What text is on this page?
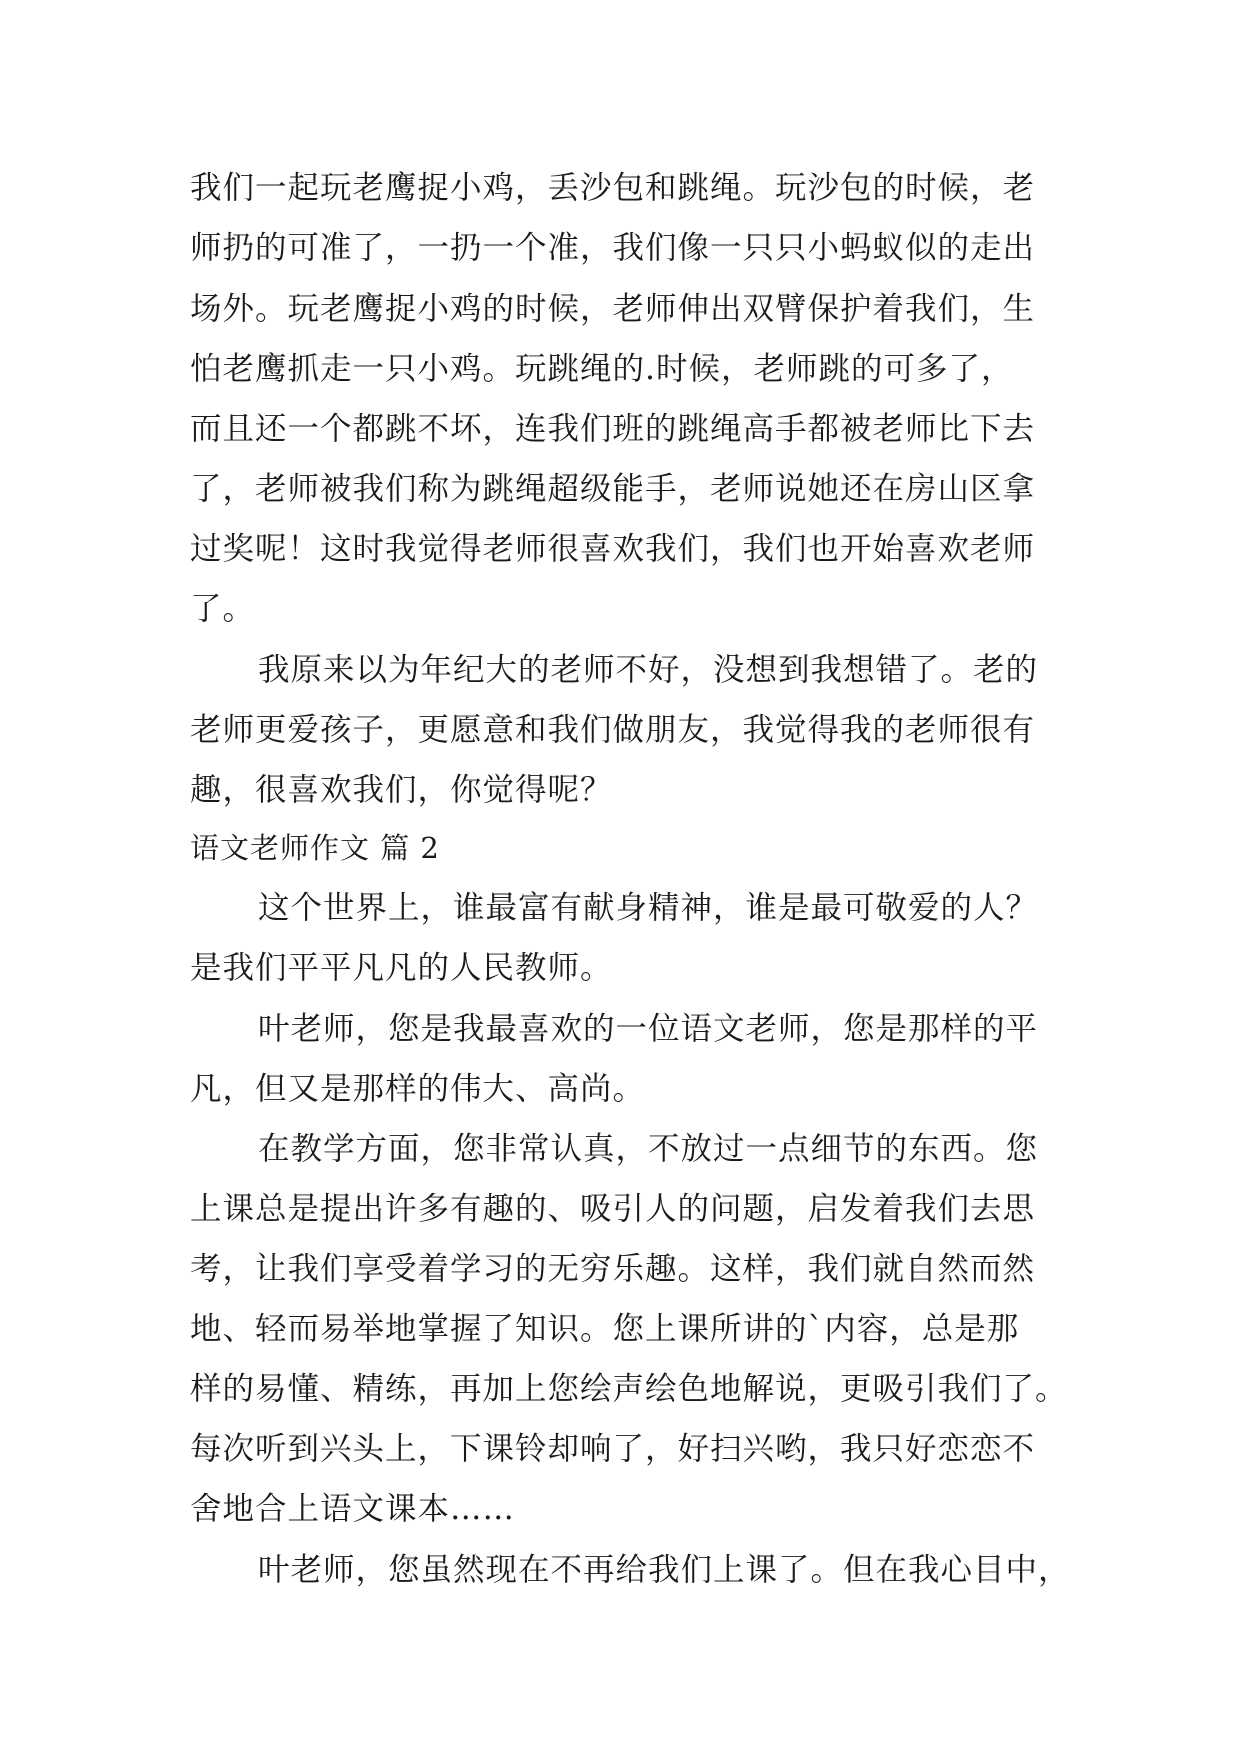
我们一起玩老鹰捉小鸡，丢沙包和跳绳。玩沙包的时候，老
师扔的可准了，一扔一个准，我们像一只只小蚂蚁似的走出
场外。玩老鹰捉小鸡的时候，老师伸出双臂保护着我们，生
怕老鹰抓走一只小鸡。玩跳绳的.时候，老师跳的可多了，
而且还一个都跳不坏，连我们班的跳绳高手都被老师比下去
了，老师被我们称为跳绳超级能手，老师说她还在房山区拿
过奖呢！这时我觉得老师很喜欢我们，我们也开始喜欢老师
了。
我原来以为年纪大的老师不好，没想到我想错了。老的
老师更爱孩子，更愿意和我们做朋友，我觉得我的老师很有
趣，很喜欢我们，你觉得呢？
语文老师作文 篇 2
这个世界上，谁最富有献身精神，谁是最可敬爱的人？
是我们平平凡凡的人民教师。
叶老师，您是我最喜欢的一位语文老师，您是那样的平
凡，但又是那样的伟大、高尚。
在教学方面，您非常认真，不放过一点细节的东西。您
上课总是提出许多有趣的、吸引人的问题，启发着我们去思
考，让我们享受着学习的无穷乐趣。这样，我们就自然而然
地、轻而易举地掌握了知识。您上课所讲的`内容，总是那
样的易懂、精练，再加上您绘声绘色地解说，更吸引我们了。
每次听到兴头上，下课铃却响了，好扫兴哟，我只好恋恋不
舍地合上语文课本……
叶老师，您虽然现在不再给我们上课了。但在我心目中，
